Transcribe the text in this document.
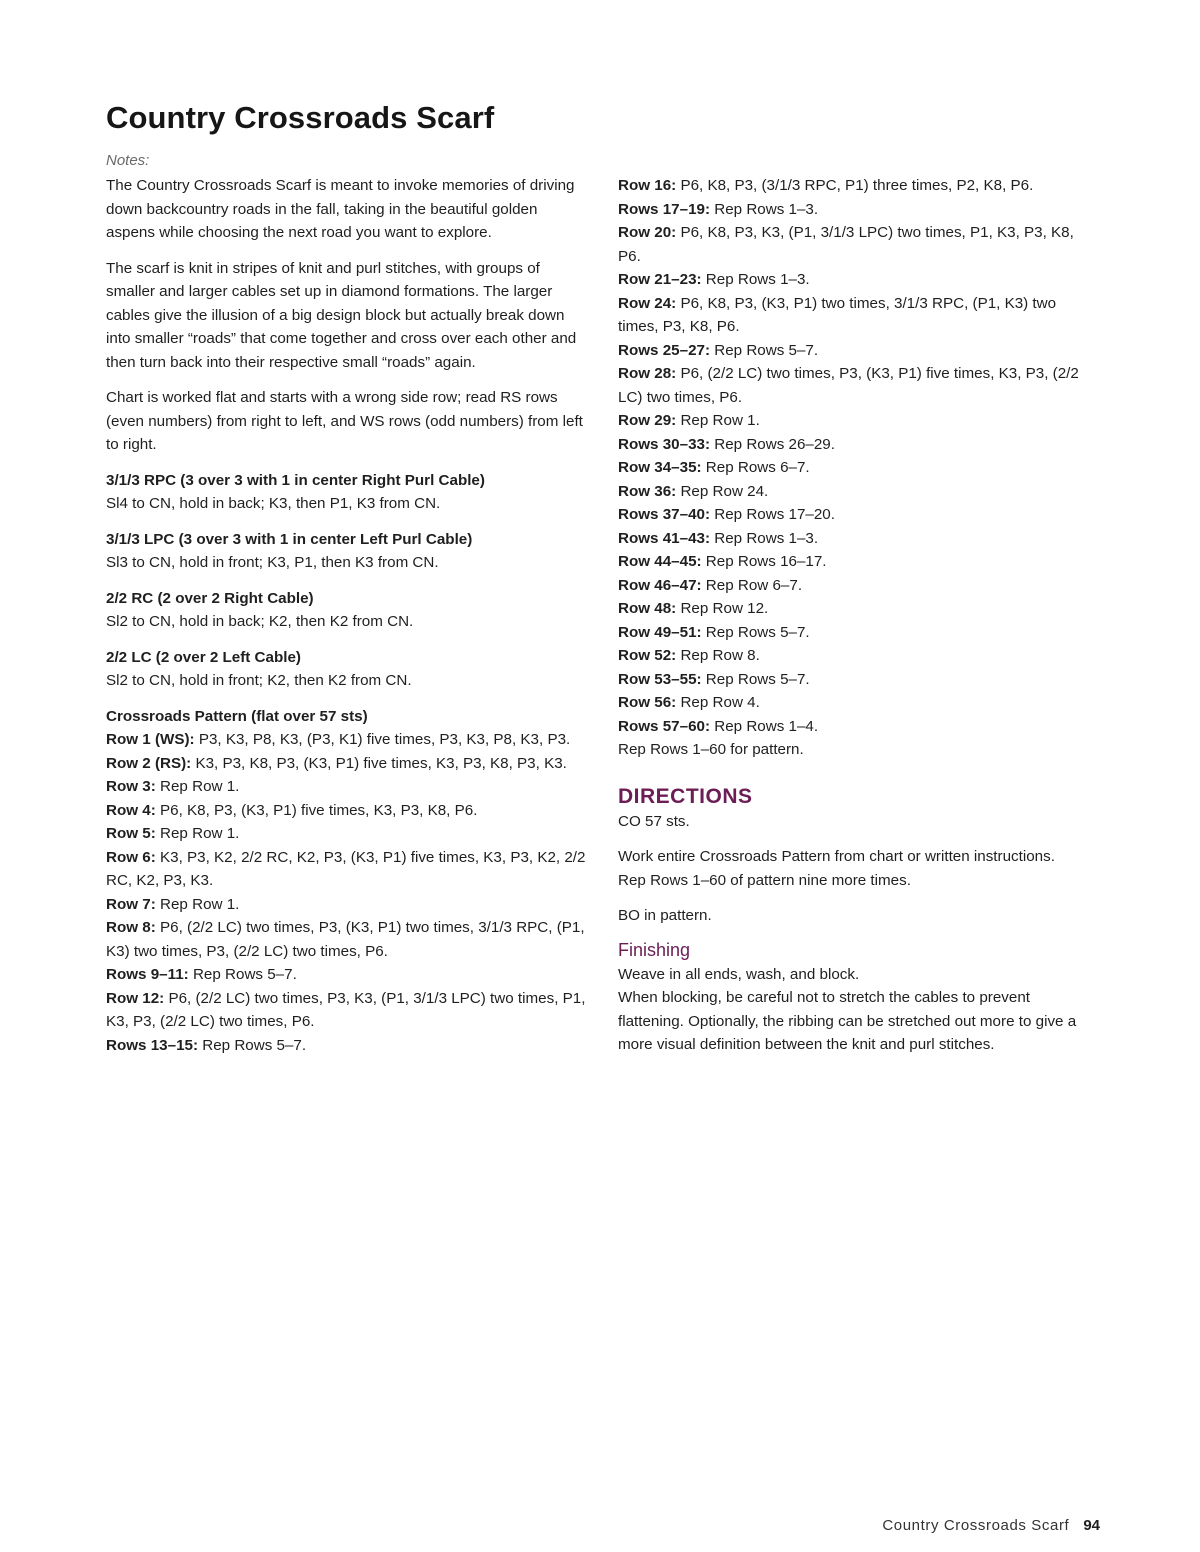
Country Crossroads Scarf
Notes:

The Country Crossroads Scarf is meant to invoke memories of driving down backcountry roads in the fall, taking in the beautiful golden aspens while choosing the next road you want to explore.

The scarf is knit in stripes of knit and purl stitches, with groups of smaller and larger cables set up in diamond formations. The larger cables give the illusion of a big design block but actually break down into smaller “roads” that come together and cross over each other and then turn back into their respective small “roads” again.

Chart is worked flat and starts with a wrong side row; read RS rows (even numbers) from right to left, and WS rows (odd numbers) from left to right.

3/1/3 RPC (3 over 3 with 1 in center Right Purl Cable)

Sl4 to CN, hold in back; K3, then P1, K3 from CN.

3/1/3 LPC (3 over 3 with 1 in center Left Purl Cable)

Sl3 to CN, hold in front; K3, P1, then K3 from CN.

2/2 RC (2 over 2 Right Cable)

Sl2 to CN, hold in back; K2, then K2 from CN.

2/2 LC (2 over 2 Left Cable)

Sl2 to CN, hold in front; K2, then K2 from CN.

Crossroads Pattern (flat over 57 sts)

Row 1 (WS): P3, K3, P8, K3, (P3, K1) five times, P3, K3, P8, K3, P3.

Row 2 (RS): K3, P3, K8, P3, (K3, P1) five times, K3, P3, K8, P3, K3.

Row 3: Rep Row 1.

Row 4: P6, K8, P3, (K3, P1) five times, K3, P3, K8, P6.

Row 5: Rep Row 1.

Row 6: K3, P3, K2, 2/2 RC, K2, P3, (K3, P1) five times, K3, P3, K2, 2/2 RC, K2, P3, K3.

Row 7: Rep Row 1.

Row 8: P6, (2/2 LC) two times, P3, (K3, P1) two times, 3/1/3 RPC, (P1, K3) two times, P3, (2/2 LC) two times, P6.

Rows 9–11: Rep Rows 5–7.

Row 12: P6, (2/2 LC) two times, P3, K3, (P1, 3/1/3 LPC) two times, P1, K3, P3, (2/2 LC) two times, P6.

Rows 13–15: Rep Rows 5–7.

Row 16: P6, K8, P3, (3/1/3 RPC, P1) three times, P2, K8, P6.

Rows 17–19: Rep Rows 1–3.

Row 20: P6, K8, P3, K3, (P1, 3/1/3 LPC) two times, P1, K3, P3, K8, P6.

Row 21–23: Rep Rows 1–3.

Row 24: P6, K8, P3, (K3, P1) two times, 3/1/3 RPC, (P1, K3) two times, P3, K8, P6.

Rows 25–27: Rep Rows 5–7.

Row 28: P6, (2/2 LC) two times, P3, (K3, P1) five times, K3, P3, (2/2 LC) two times, P6.

Row 29: Rep Row 1.

Rows 30–33: Rep Rows 26–29.

Row 34–35: Rep Rows 6–7.

Row 36: Rep Row 24.

Rows 37–40: Rep Rows 17–20.

Rows 41–43: Rep Rows 1–3.

Row 44–45: Rep Rows 16–17.

Row 46–47: Rep Row 6–7.

Row 48: Rep Row 12.

Row 49–51: Rep Rows 5–7.

Row 52: Rep Row 8.

Row 53–55: Rep Rows 5–7.

Row 56: Rep Row 4.

Rows 57–60: Rep Rows 1–4.

Rep Rows 1–60 for pattern.

DIRECTIONS

CO 57 sts.

Work entire Crossroads Pattern from chart or written instructions.

Rep Rows 1–60 of pattern nine more times.

BO in pattern.

Finishing

Weave in all ends, wash, and block.

When blocking, be careful not to stretch the cables to prevent flattening. Optionally, the ribbing can be stretched out more to give a more visual definition between the knit and purl stitches.

Country Crossroads Scarf 94
